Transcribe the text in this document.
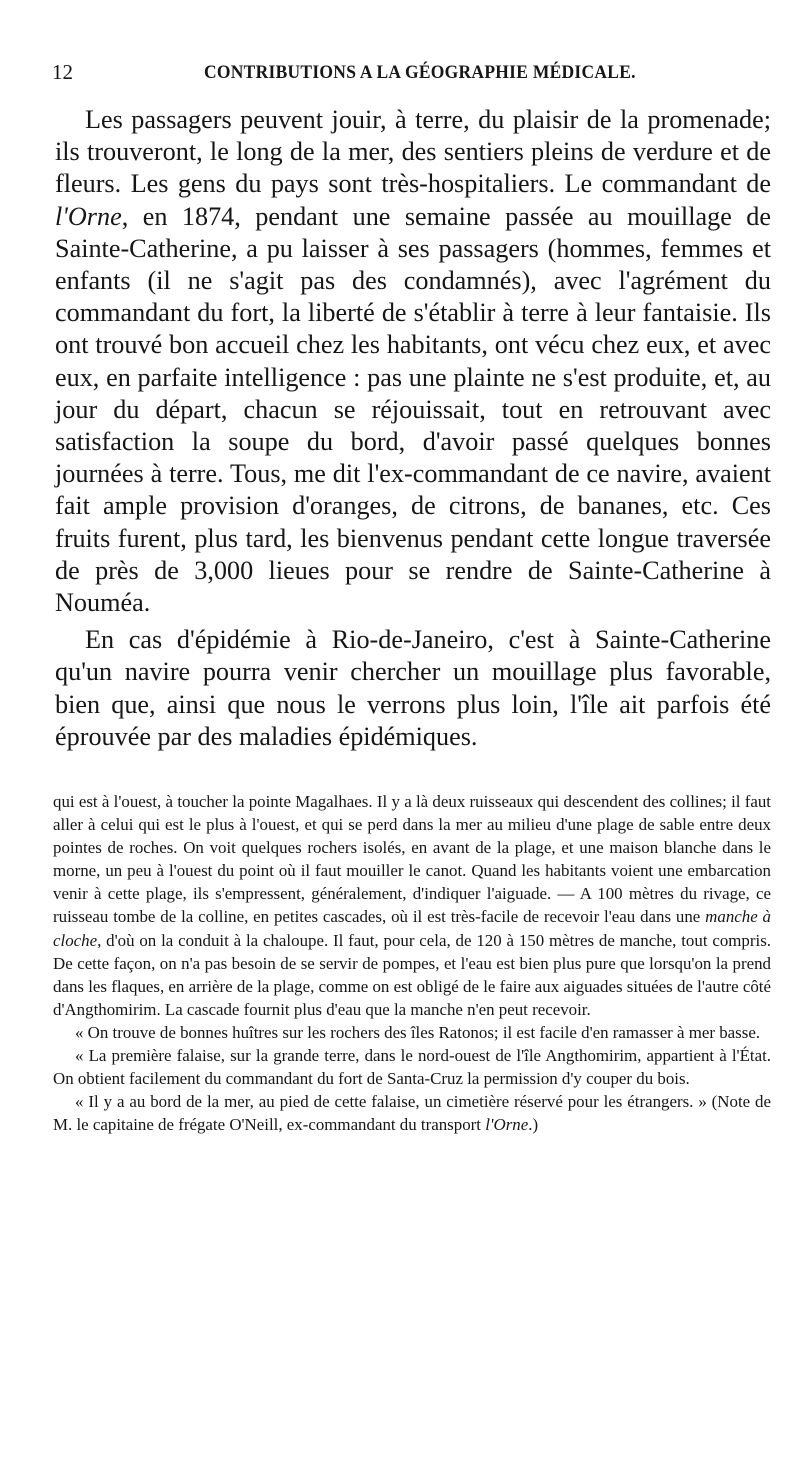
12	CONTRIBUTIONS A LA GÉOGRAPHIE MÉDICALE.

Les passagers peuvent jouir, à terre, du plaisir de la promenade; ils trouveront, le long de la mer, des sentiers pleins de verdure et de fleurs. Les gens du pays sont très-hospitaliers. Le commandant de l'Orne, en 1874, pendant une semaine passée au mouillage de Sainte-Catherine, a pu laisser à ses passagers (hommes, femmes et enfants (il ne s'agit pas des condamnés), avec l'agrément du commandant du fort, la liberté de s'établir à terre à leur fantaisie. Ils ont trouvé bon accueil chez les habitants, ont vécu chez eux, et avec eux, en parfaite intelligence : pas une plainte ne s'est produite, et, au jour du départ, chacun se réjouissait, tout en retrouvant avec satisfaction la soupe du bord, d'avoir passé quelques bonnes journées à terre. Tous, me dit l'ex-commandant de ce navire, avaient fait ample provision d'oranges, de citrons, de bananes, etc. Ces fruits furent, plus tard, les bienvenus pendant cette longue traversée de près de 3,000 lieues pour se rendre de Sainte-Catherine à Nouméa.

En cas d'épidémie à Rio-de-Janeiro, c'est à Sainte-Catherine qu'un navire pourra venir chercher un mouillage plus favorable, bien que, ainsi que nous le verrons plus loin, l'île ait parfois été éprouvée par des maladies épidémiques.

qui est à l'ouest, à toucher la pointe Magalhaes. Il y a là deux ruisseaux qui descendent des collines; il faut aller à celui qui est le plus à l'ouest, et qui se perd dans la mer au milieu d'une plage de sable entre deux pointes de roches. On voit quelques rochers isolés, en avant de la plage, et une maison blanche dans le morne, un peu à l'ouest du point où il faut mouiller le canot. Quand les habitants voient une embarcation venir à cette plage, ils s'empressent, généralement, d'indiquer l'aiguade. — A 100 mètres du rivage, ce ruisseau tombe de la colline, en petites cascades, où il est très-facile de recevoir l'eau dans une manche à cloche, d'où on la conduit à la chaloupe. Il faut, pour cela, de 120 à 150 mètres de manche, tout compris. De cette façon, on n'a pas besoin de se servir de pompes, et l'eau est bien plus pure que lorsqu'on la prend dans les flaques, en arrière de la plage, comme on est obligé de le faire aux aiguades situées de l'autre côté d'Angthomirim. La cascade fournit plus d'eau que la manche n'en peut recevoir.

« On trouve de bonnes huîtres sur les rochers des îles Ratonos; il est facile d'en ramasser à mer basse.

« La première falaise, sur la grande terre, dans le nord-ouest de l'île Angthomirim, appartient à l'État. On obtient facilement du commandant du fort de Santa-Cruz la permission d'y couper du bois.

« Il y a au bord de la mer, au pied de cette falaise, un cimetière réservé pour les étrangers. » (Note de M. le capitaine de frégate O'Neill, ex-commandant du transport l'Orne.)
